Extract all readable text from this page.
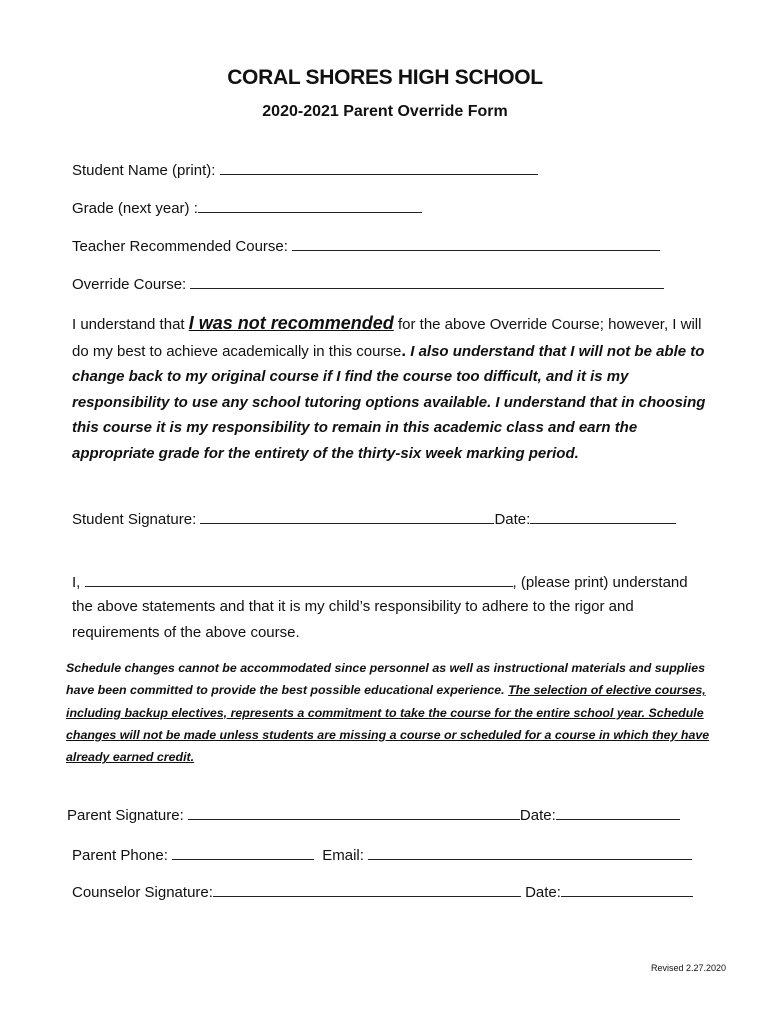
CORAL SHORES HIGH SCHOOL
2020-2021 Parent Override Form
Student Name (print):
Grade (next year) :
Teacher Recommended Course:
Override Course:
I understand that I was not recommended for the above Override Course; however, I will do my best to achieve academically in this course. I also understand that I will not be able to change back to my original course if I find the course too difficult, and it is my responsibility to use any school tutoring options available. I understand that in choosing this course it is my responsibility to remain in this academic class and earn the appropriate grade for the entirety of the thirty-six week marking period.
Student Signature:	Date:
I,	, (please print) understand
the above statements and that it is my child’s responsibility to adhere to the rigor and requirements of the above course.
Schedule changes cannot be accommodated since personnel as well as instructional materials and supplies have been committed to provide the best possible educational experience. The selection of elective courses, including backup electives, represents a commitment to take the course for the entire school year. Schedule changes will not be made unless students are missing a course or scheduled for a course in which they have already earned credit.
Parent Signature:	Date:
Parent Phone:	Email:
Counselor Signature:	Date:
Revised 2.27.2020
